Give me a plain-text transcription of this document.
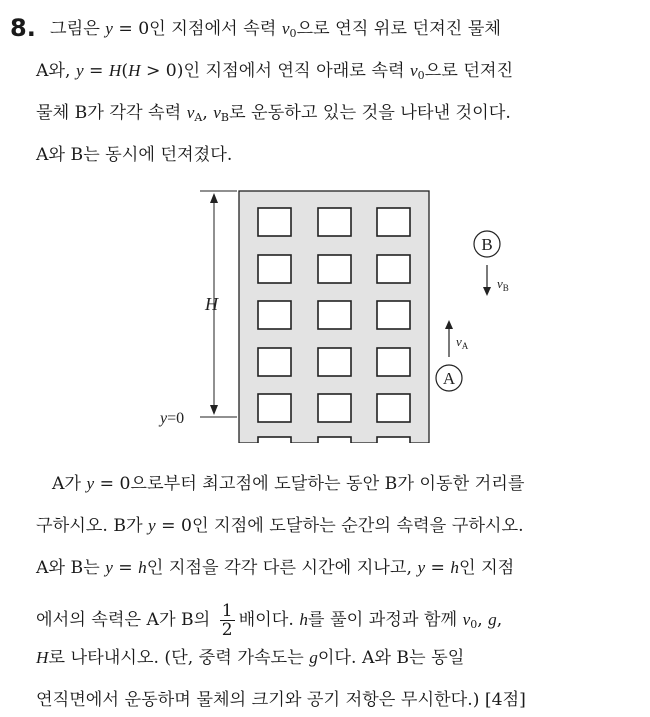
8. 그림은 y = 0인 지점에서 속력 $v_0$으로 연직 위로 던져진 물체
A와, y = H(H > 0)인 지점에서 연직 아래로 속력 $v_0$으로 던져진
물체 B가 각각 속력 $v_A$, $v_B$로 운동하고 있는 것을 나타낸 것이다.
A와 B는 동시에 던져졌다.
H
y=0
B
$v_B$
A
$v_A$
A가 y = 0으로부터 최고점에 도달하는 동안 B가 이동한 거리를
구하시오. B가 y = 0인 지점에 도달하는 순간의 속력을 구하시오.
A와 B는 y = h인 지점을 각각 다른 시간에 지나고, y = h인 지점
에서의 속력은 A가 B의 $\frac{1}{2}$ 배이다. h를 풀이 과정과 함께 $v_0$, g,
H로 나타내시오. (단, 중력 가속도는 g이다. A와 B는 동일
연직면에서 운동하며 물체의 크기와 공기 저항은 무시한다.) [4점]
